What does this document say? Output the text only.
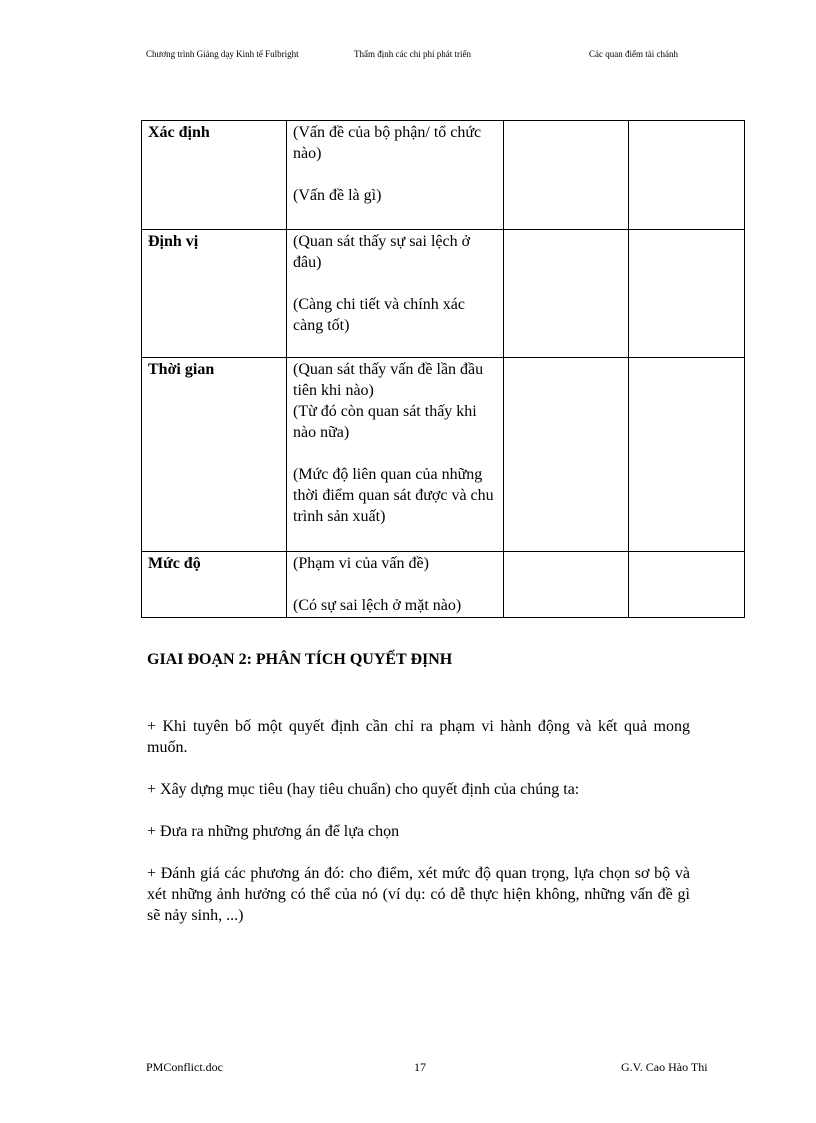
Chương trình Giảng dạy Kinh tế Fulbright	Thẩm định các chi phí phát triển	Các quan điểm tài chánh
Xác định	(Vấn đề của bộ phận/ tổ chức nào)

(Vấn đề là gì)		

Định vị	(Quan sát thấy sự sai lệch ở đâu)

(Càng chi tiết và chính xác càng tốt)		

Thời gian	(Quan sát thấy vấn đề lần đầu tiên khi nào)

(Từ đó còn quan sát thấy khi nào nữa)

(Mức độ liên quan của những thời điểm quan sát được và chu trình sản xuất)		

Mức độ	(Phạm vi của vấn đề)

(Có sự sai lệch ở mặt nào)		

GIAI ĐOẠN 2: PHÂN TÍCH QUYẾT ĐỊNH

+ Khi tuyên bố một quyết định cần chỉ ra phạm vi hành động và kết quả mong muốn.

+ Xây dựng mục tiêu (hay tiêu chuẩn) cho quyết định của chúng ta:

+ Đưa ra những phương án để lựa chọn

+ Đánh giá các phương án đó: cho điểm, xét mức độ quan trọng, lựa chọn sơ bộ và xét những ảnh hưởng có thể của nó (ví dụ: có dễ thực hiện không, những vấn đề gì sẽ nảy sinh, ...)

PMConflict.doc	17	G.V. Cao Hào Thi
